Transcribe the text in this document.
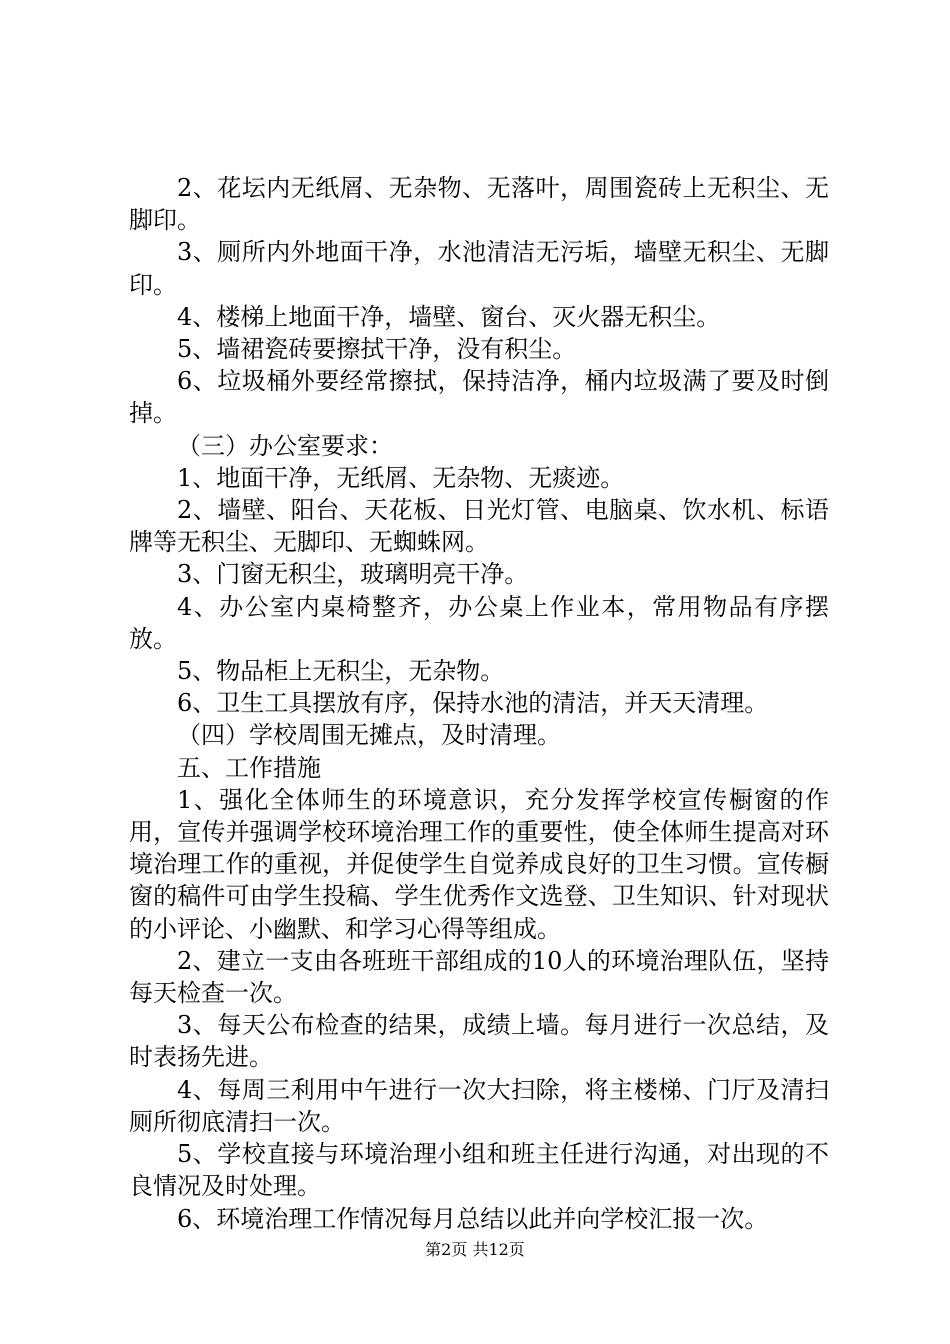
2、花坛内无纸屑、无杂物、无落叶，周围瓷砖上无积尘、无脚印。

3、厕所内外地面干净，水池清洁无污垢，墙壁无积尘、无脚印。

4、楼梯上地面干净，墙壁、窗台、灭火器无积尘。

5、墙裙瓷砖要擦拭干净，没有积尘。

6、垃圾桶外要经常擦拭，保持洁净，桶内垃圾满了要及时倒掉。

（三）办公室要求：

1、地面干净，无纸屑、无杂物、无痰迹。

2、墙壁、阳台、天花板、日光灯管、电脑桌、饮水机、标语牌等无积尘、无脚印、无蜘蛛网。

3、门窗无积尘，玻璃明亮干净。

4、办公室内桌椅整齐，办公桌上作业本，常用物品有序摆放。

5、物品柜上无积尘，无杂物。

6、卫生工具摆放有序，保持水池的清洁，并天天清理。

（四）学校周围无摊点，及时清理。

五、工作措施

1、强化全体师生的环境意识，充分发挥学校宣传橱窗的作用，宣传并强调学校环境治理工作的重要性，使全体师生提高对环境治理工作的重视，并促使学生自觉养成良好的卫生习惯。宣传橱窗的稿件可由学生投稿、学生优秀作文选登、卫生知识、针对现状的小评论、小幽默、和学习心得等组成。

2、建立一支由各班班干部组成的10人的环境治理队伍，坚持每天检查一次。

3、每天公布检查的结果，成绩上墙。每月进行一次总结，及时表扬先进。

4、每周三利用中午进行一次大扫除，将主楼梯、门厅及清扫厕所彻底清扫一次。

5、学校直接与环境治理小组和班主任进行沟通，对出现的不良情况及时处理。

6、环境治理工作情况每月总结以此并向学校汇报一次。

第2页 共12页
